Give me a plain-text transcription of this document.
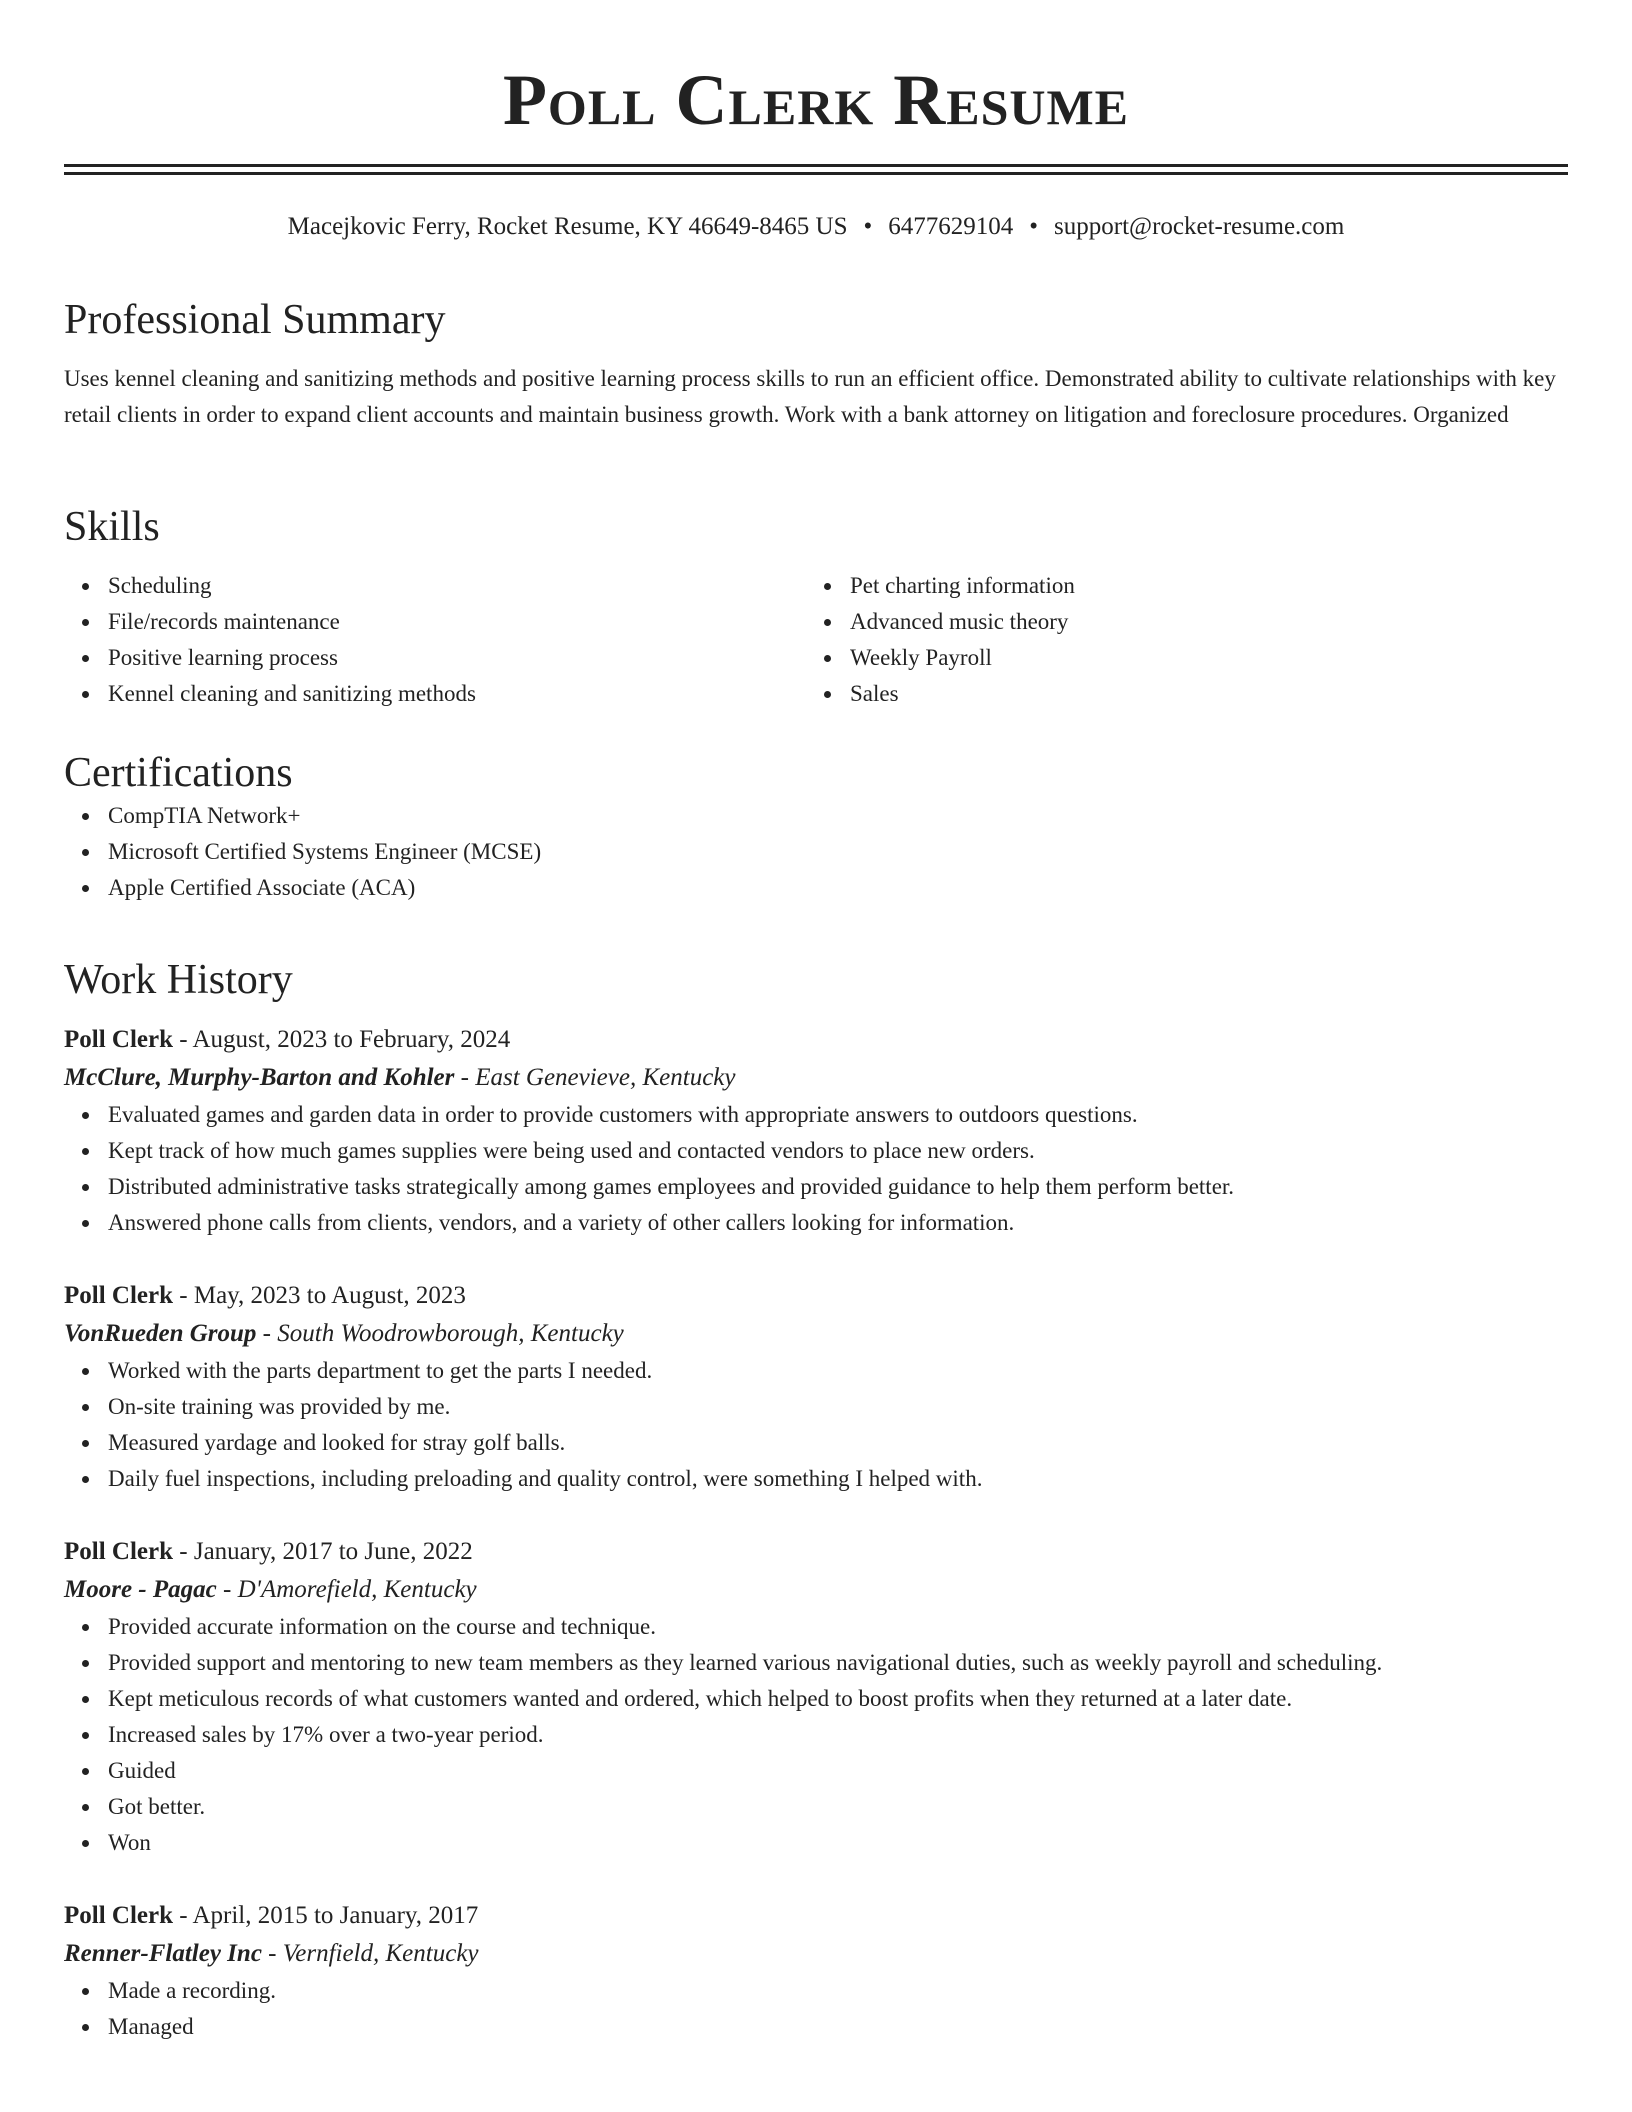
Poll Clerk Resume
Macejkovic Ferry, Rocket Resume, KY 46649-8465 US • 6477629104 • support@rocket-resume.com
Professional Summary

Uses kennel cleaning and sanitizing methods and positive learning process skills to run an efficient office. Demonstrated ability to cultivate relationships with key retail clients in order to expand client accounts and maintain business growth. Work with a bank attorney on litigation and foreclosure procedures. Organized

Skills
Scheduling
File/records maintenance
Positive learning process
Kennel cleaning and sanitizing methods
Pet charting information
Advanced music theory
Weekly Payroll
Sales
Certifications
CompTIA Network+
Microsoft Certified Systems Engineer (MCSE)
Apple Certified Associate (ACA)
Work History
Poll Clerk - August, 2023 to February, 2024
McClure, Murphy-Barton and Kohler - East Genevieve, Kentucky
Evaluated games and garden data in order to provide customers with appropriate answers to outdoors questions.
Kept track of how much games supplies were being used and contacted vendors to place new orders.
Distributed administrative tasks strategically among games employees and provided guidance to help them perform better.
Answered phone calls from clients, vendors, and a variety of other callers looking for information.
Poll Clerk - May, 2023 to August, 2023
VonRueden Group - South Woodrowborough, Kentucky
Worked with the parts department to get the parts I needed.
On-site training was provided by me.
Measured yardage and looked for stray golf balls.
Daily fuel inspections, including preloading and quality control, were something I helped with.
Poll Clerk - January, 2017 to June, 2022
Moore - Pagac - D'Amorefield, Kentucky
Provided accurate information on the course and technique.
Provided support and mentoring to new team members as they learned various navigational duties, such as weekly payroll and scheduling.
Kept meticulous records of what customers wanted and ordered, which helped to boost profits when they returned at a later date.
Increased sales by 17% over a two-year period.
Guided
Got better.
Won
Poll Clerk - April, 2015 to January, 2017
Renner-Flatley Inc - Vernfield, Kentucky
Made a recording.
Managed
